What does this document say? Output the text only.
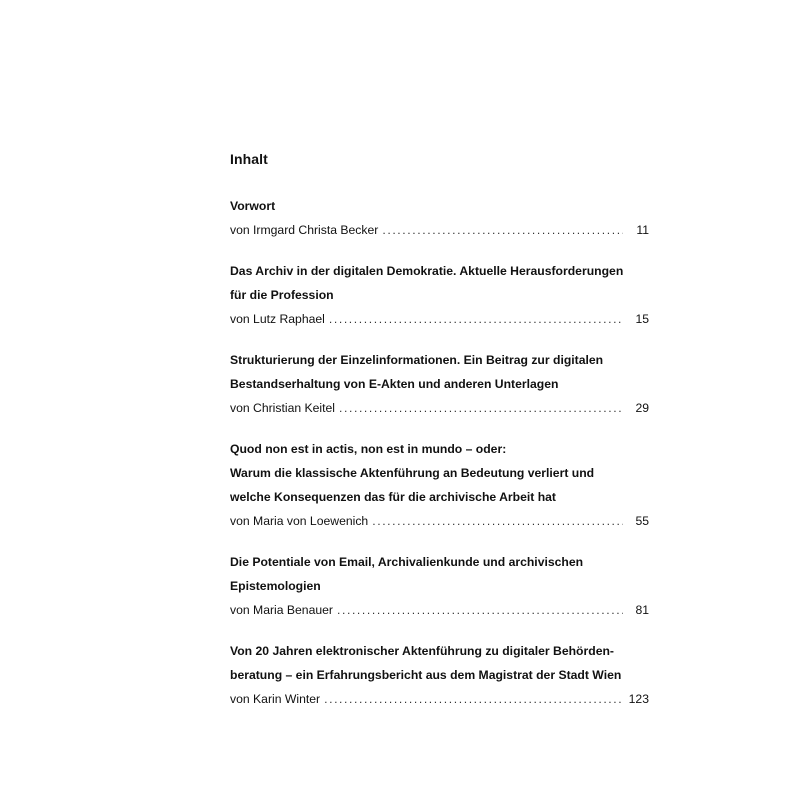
Inhalt
Vorwort
von Irmgard Christa Becker .....	11
Das Archiv in der digitalen Demokratie. Aktuelle Herausforderungen
für die Profession
von Lutz Raphael .....	15
Strukturierung der Einzelinformationen. Ein Beitrag zur digitalen
Bestandserhaltung von E-Akten und anderen Unterlagen
von Christian Keitel .....	29
Quod non est in actis, non est in mundo – oder:
Warum die klassische Aktenführung an Bedeutung verliert und
welche Konsequenzen das für die archivische Arbeit hat
von Maria von Loewenich .....	55
Die Potentiale von Email, Archivalienkunde und archivischen
Epistemologien
von Maria Benauer .....	81
Von 20 Jahren elektronischer Aktenführung zu digitaler Behörden-
beratung – ein Erfahrungsbericht aus dem Magistrat der Stadt Wien
von Karin Winter .....	123
